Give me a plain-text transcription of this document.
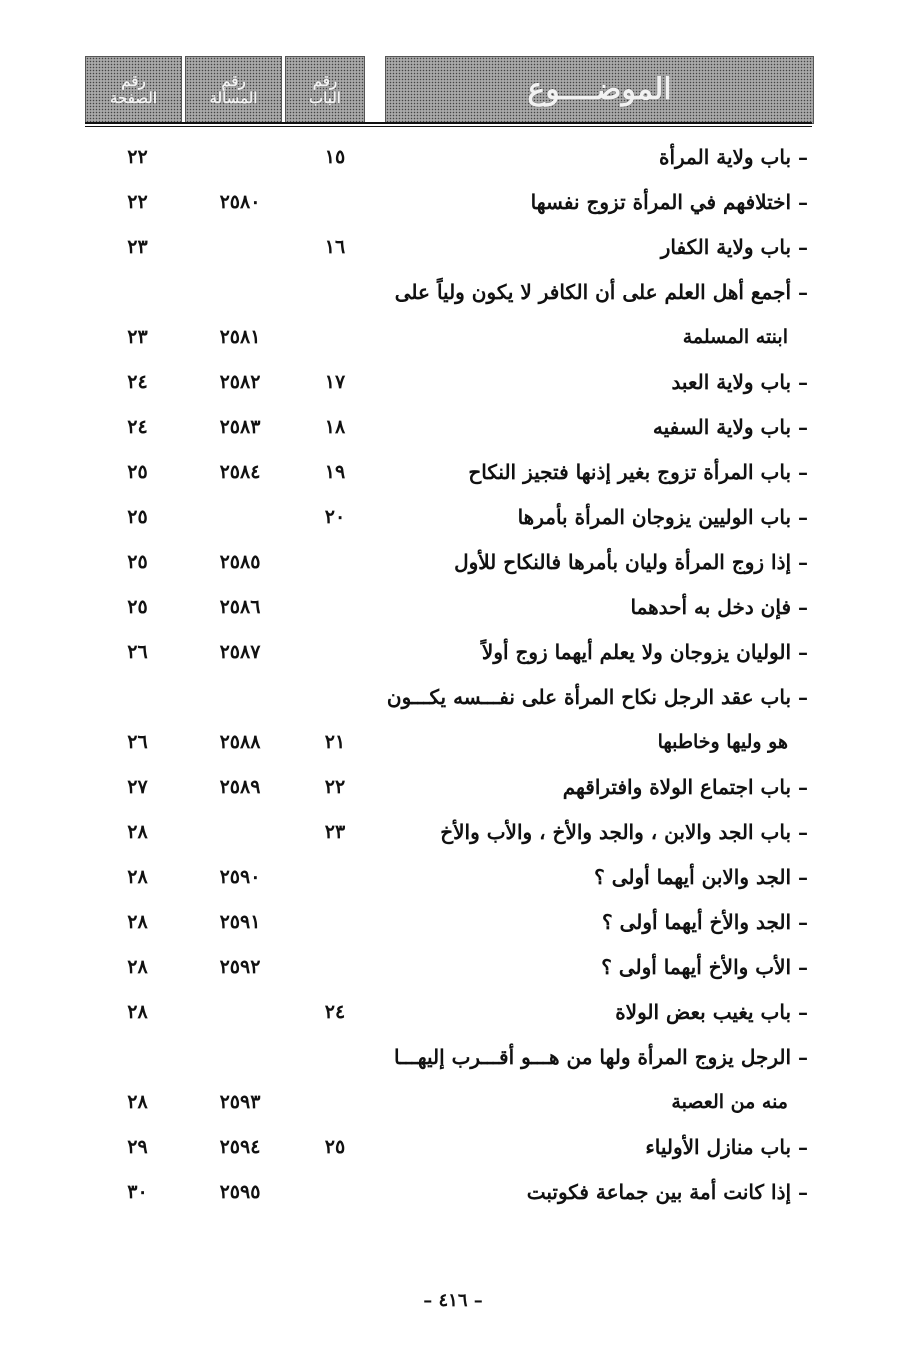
الموضــــوع
رقم
الباب
رقم
المسألة
رقم
الصفحة
– باب ولاية المرأة
١٥
٢٢
– اختلافهم في المرأة تزوج نفسها
٢٥٨٠
٢٢
– باب ولاية الكفار
١٦
٢٣
– أجمع أهل العلم على أن الكافر لا يكون ولياً على
ابنته المسلمة
٢٥٨١
٢٣
– باب ولاية العبد
١٧
٢٥٨٢
٢٤
– باب ولاية السفيه
١٨
٢٥٨٣
٢٤
– باب المرأة تزوج بغير إذنها فتجيز النكاح
١٩
٢٥٨٤
٢٥
– باب الوليين يزوجان المرأة بأمرها
٢٠
٢٥
– إذا زوج المرأة وليان بأمرها فالنكاح للأول
٢٥٨٥
٢٥
– فإن دخل به أحدهما
٢٥٨٦
٢٥
– الوليان يزوجان ولا يعلم أيهما زوج أولاً
٢٥٨٧
٢٦
– باب عقد الرجل نكاح المرأة على نفـــسه يكـــون
هو وليها وخاطبها
٢١
٢٥٨٨
٢٦
– باب اجتماع الولاة وافتراقهم
٢٢
٢٥٨٩
٢٧
– باب الجد والابن ، والجد والأخ ، والأب والأخ
٢٣
٢٨
– الجد والابن أيهما أولى ؟
٢٥٩٠
٢٨
– الجد والأخ أيهما أولى ؟
٢٥٩١
٢٨
– الأب والأخ أيهما أولى ؟
٢٥٩٢
٢٨
– باب يغيب بعض الولاة
٢٤
٢٨
– الرجل يزوج المرأة ولها من هـــو أقـــرب إليهـــا
منه من العصبة
٢٥٩٣
٢٨
– باب منازل الأولياء
٢٥
٢٥٩٤
٢٩
– إذا كانت أمة بين جماعة فكوتبت
٢٥٩٥
٣٠
– ٤١٦ –
